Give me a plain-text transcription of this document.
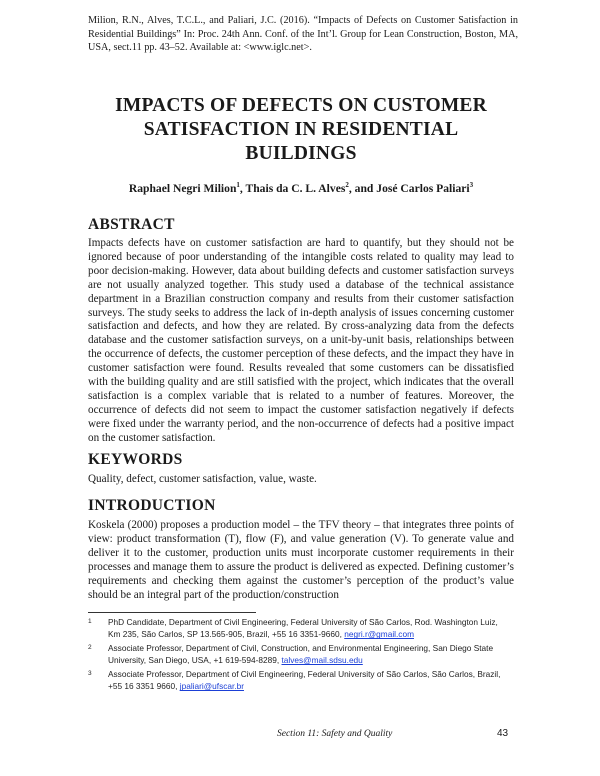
Milion, R.N., Alves, T.C.L., and Paliari, J.C. (2016). “Impacts of Defects on Customer Satisfaction in Residential Buildings” In: Proc. 24th Ann. Conf. of the Int’l. Group for Lean Construction, Boston, MA, USA, sect.11 pp. 43–52. Available at: <www.iglc.net>.
IMPACTS OF DEFECTS ON CUSTOMER SATISFACTION IN RESIDENTIAL BUILDINGS
Raphael Negri Milion$^1$, Thais da C. L. Alves$^2$, and José Carlos Paliari$^3$
ABSTRACT

Impacts defects have on customer satisfaction are hard to quantify, but they should not be ignored because of poor understanding of the intangible costs related to quality may lead to poor decision-making. However, data about building defects and customer satisfaction surveys are not usually analyzed together. This study used a database of the technical assistance department in a Brazilian construction company and results from their customer satisfaction surveys. The study seeks to address the lack of in-depth analysis of issues concerning customer satisfaction and defects, and how they are related. By cross-analyzing data from the defects database and the customer satisfaction surveys, on a unit-by-unit basis, relationships between the occurrence of defects, the customer perception of these defects, and the impact they have in customer satisfaction were found. Results revealed that some customers can be dissatisfied with the building quality and are still satisfied with the project, which indicates that the overall satisfaction is a complex variable that is related to a number of features. Moreover, the occurrence of defects did not seem to impact the customer satisfaction negatively if defects were fixed under the warranty period, and the non-occurrence of defects had a positive impact on the customer satisfaction.

KEYWORDS

Quality, defect, customer satisfaction, value, waste.

INTRODUCTION

Koskela (2000) proposes a production model – the TFV theory – that integrates three points of view: product transformation (T), flow (F), and value generation (V). To generate value and deliver it to the customer, production units must incorporate customer requirements in their processes and manage them to assure the product is delivered as expected. Defining customer’s requirements and checking them against the customer’s perception of the product’s value should be an integral part of the production/construction

1 PhD Candidate, Department of Civil Engineering, Federal University of São Carlos, Rod. Washington Luiz, Km 235, São Carlos, SP 13.565-905, Brazil, +55 16 3351-9660, negri.r@gmail.com
2 Associate Professor, Department of Civil, Construction, and Environmental Engineering, San Diego State University, San Diego, USA, +1 619-594-8289, talves@mail.sdsu.edu
3 Associate Professor, Department of Civil Engineering, Federal University of São Carlos, São Carlos, Brazil, +55 16 3351 9660, jpaliari@ufscar.br
Section 11: Safety and Quality	43
